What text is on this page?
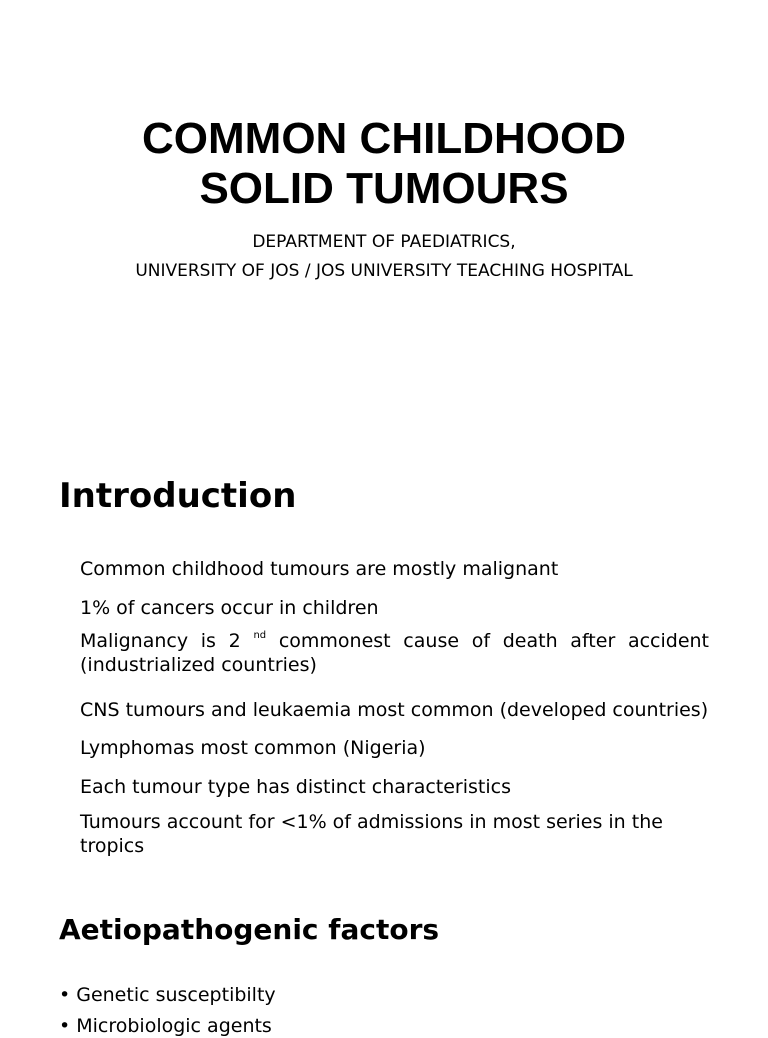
COMMON CHILDHOOD
SOLID TUMOURS
DEPARTMENT OF PAEDIATRICS,
UNIVERSITY OF JOS / JOS UNIVERSITY TEACHING HOSPITAL
Introduction
Common childhood tumours are mostly malignant
1% of cancers occur in children
Malignancy is 2 $^{nd}$ commonest cause of death after accident
(industrialized countries)
CNS tumours and leukaemia most common (developed countries)
Lymphomas most common (Nigeria)
Each tumour type has distinct characteristics
Tumours account for <1% of admissions in most series in the tropics
Aetiopathogenic factors
• Genetic susceptibilty
• Microbiologic agents
